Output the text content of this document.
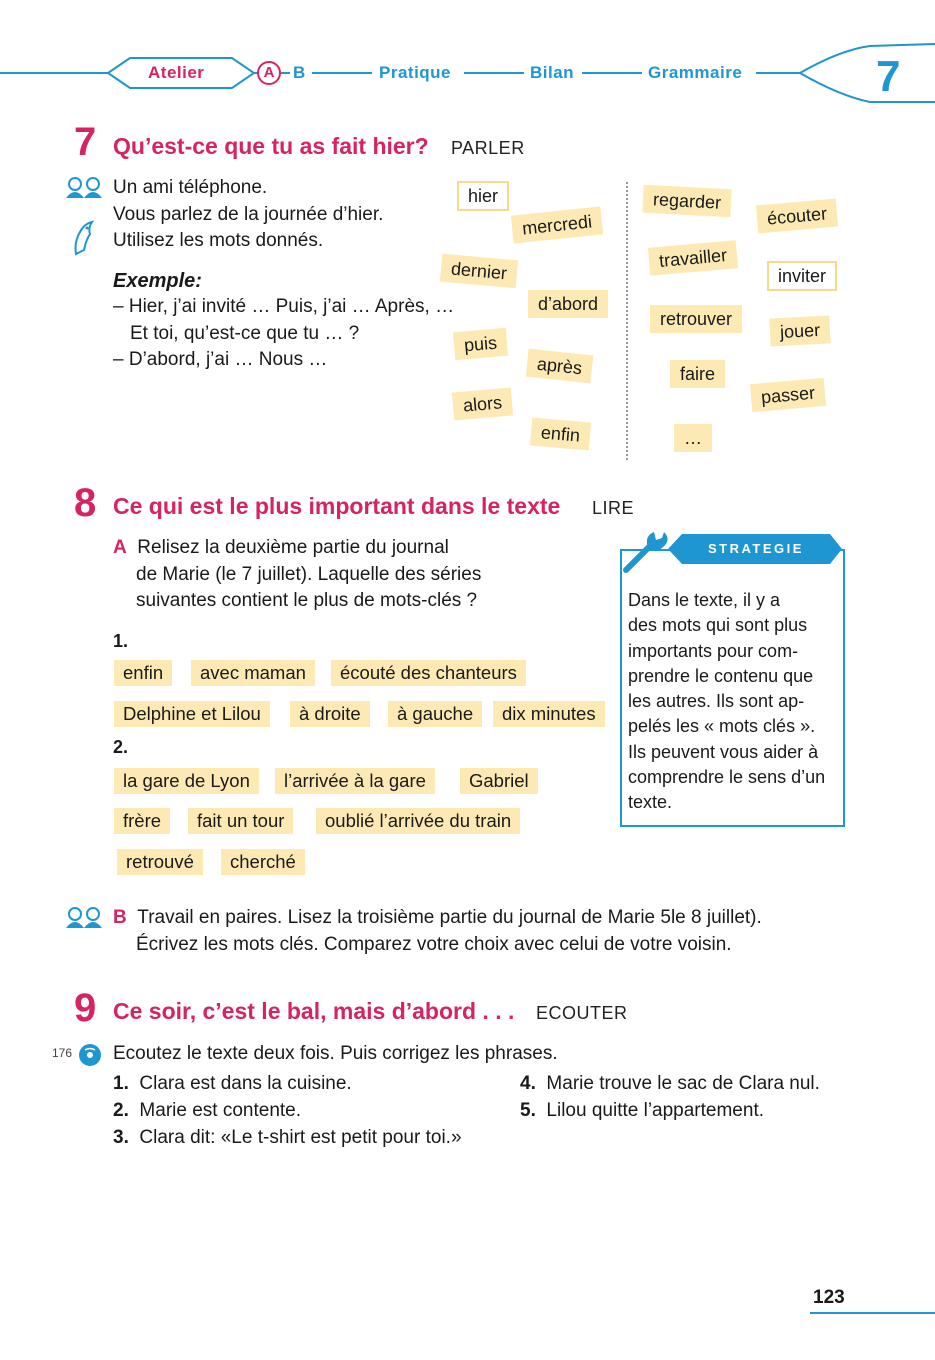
Atelier	A	B	Pratique	Bilan	Grammaire	7
7 Qu’est-ce que tu as fait hier? PARLER
Un ami téléphone.
Vous parlez de la journée d’hier.
Utilisez les mots donnés.
Exemple:
– Hier, j’ai invité … Puis, j’ai … Après, …
Et toi, qu’est-ce que tu … ?
– D’abord, j’ai … Nous …
hier
mercredi
dernier
d’abord
puis
après
alors
enfin
regarder
écouter
travailler
inviter
retrouver
jouer
faire
passer
…
8 Ce qui est le plus important dans le texte LIRE
A Relisez la deuxième partie du journal
de Marie (le 7 juillet). Laquelle des séries
suivantes contient le plus de mots-clés ?
1.
enfin	avec maman	écouté des chanteurs
Delphine et Lilou	à droite	à gauche	dix minutes
2.
la gare de Lyon	l’arrivée à la gare	Gabriel
frère	fait un tour	oublié l’arrivée du train
retrouvé	cherché
STRATEGIE
Dans le texte, il y a
des mots qui sont plus
importants pour com-
prendre le contenu que
les autres. Ils sont ap-
pelés les « mots clés ».
Ils peuvent vous aider à
comprendre le sens d’un
texte.
B Travail en paires. Lisez la troisième partie du journal de Marie 5le 8 juillet).
Écrivez les mots clés. Comparez votre choix avec celui de votre voisin.
9 Ce soir, c’est le bal, mais d’abord . . . ECOUTER
176 Ecoutez le texte deux fois. Puis corrigez les phrases.
1. Clara est dans la cuisine.
2. Marie est contente.
3. Clara dit: «Le t-shirt est petit pour toi.»
4. Marie trouve le sac de Clara nul.
5. Lilou quitte l’appartement.
123
